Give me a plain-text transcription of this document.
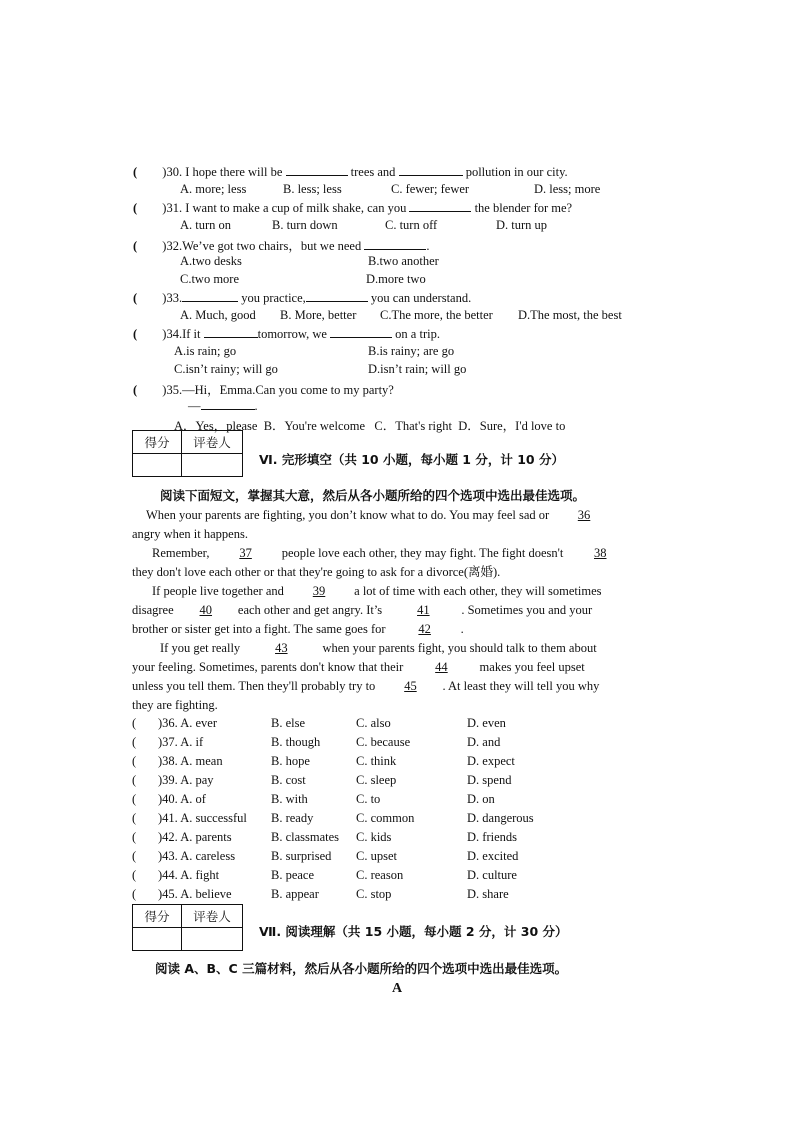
( )30. I hope there will be	trees and	pollution in our city.
A. more; less	B. less; less	C. fewer; fewer	D. less; more
( )31. I want to make a cup of milk shake, can you	the blender for me?
A. turn on	B. turn down	C. turn off	D. turn up
( )32.We’ve got two chairs，but we need	.
A.two desks	B.two another
C.two more	D.more two
( )33.	you practice,	you can understand.
A. Much, good B. More, better C.The more, the better D.The most, the best
( )34.If it	tomorrow, we	on a trip.
A.is rain; go	B.is rainy; are go
C.isn’t rainy; will go	D.isn’t rain; will go
( )35.—Hi，Emma.Can you come to my party?
—	.
A．Yes，please  B．You're welcome   C．That's right  D．Sure，I'd love to
得分	评卷人

Ⅵ. 完形填空（共 10 小题，每小题 1 分，计 10 分）
阅读下面短文，掌握其大意，然后从各小题所给的四个选项中选出最佳选项。
When your parents are fighting, you don’t know what to do. You may feel sad or 36
angry when it happens.
Remember, 37 people love each other, they may fight. The fight doesn't 38
they don't love each other or that they're going to ask for a divorce(离婚).
If people live together and 39 a lot of time with each other, they will sometimes
disagree 40 each other and get angry. It’s	41	. Sometimes you and your
brother or sister get into a fight. The same goes for	42 .
If you get really	43	when your parents fight, you should talk to them about
your feeling. Sometimes, parents don't know that their	44	makes you feel upset
unless you tell them. Then they'll probably try to 45 . At least they will tell you why
they are fighting.
( )36. A. ever	B. else	C. also	D. even
( )37. A. if	B. though	C. because	D. and
( )38. A. mean	B. hope	C. think	D. expect
( )39. A. pay	B. cost	C. sleep	D. spend
( )40. A. of	B. with	C. to	D. on
( )41. A. successful B. ready	C. common	D. dangerous
( )42. A. parents	B. classmates C. kids	D. friends
( )43. A. careless	B. surprised C. upset	D. excited
( )44. A. fight	B. peace	C. reason	D. culture
( )45. A. believe	B. appear	C. stop	D. share
得分	评卷人

Ⅶ. 阅读理解（共 15 小题，每小题 2 分，计 30 分）
阅读 A、B、C 三篇材料，然后从各小题所给的四个选项中选出最佳选项。
A
